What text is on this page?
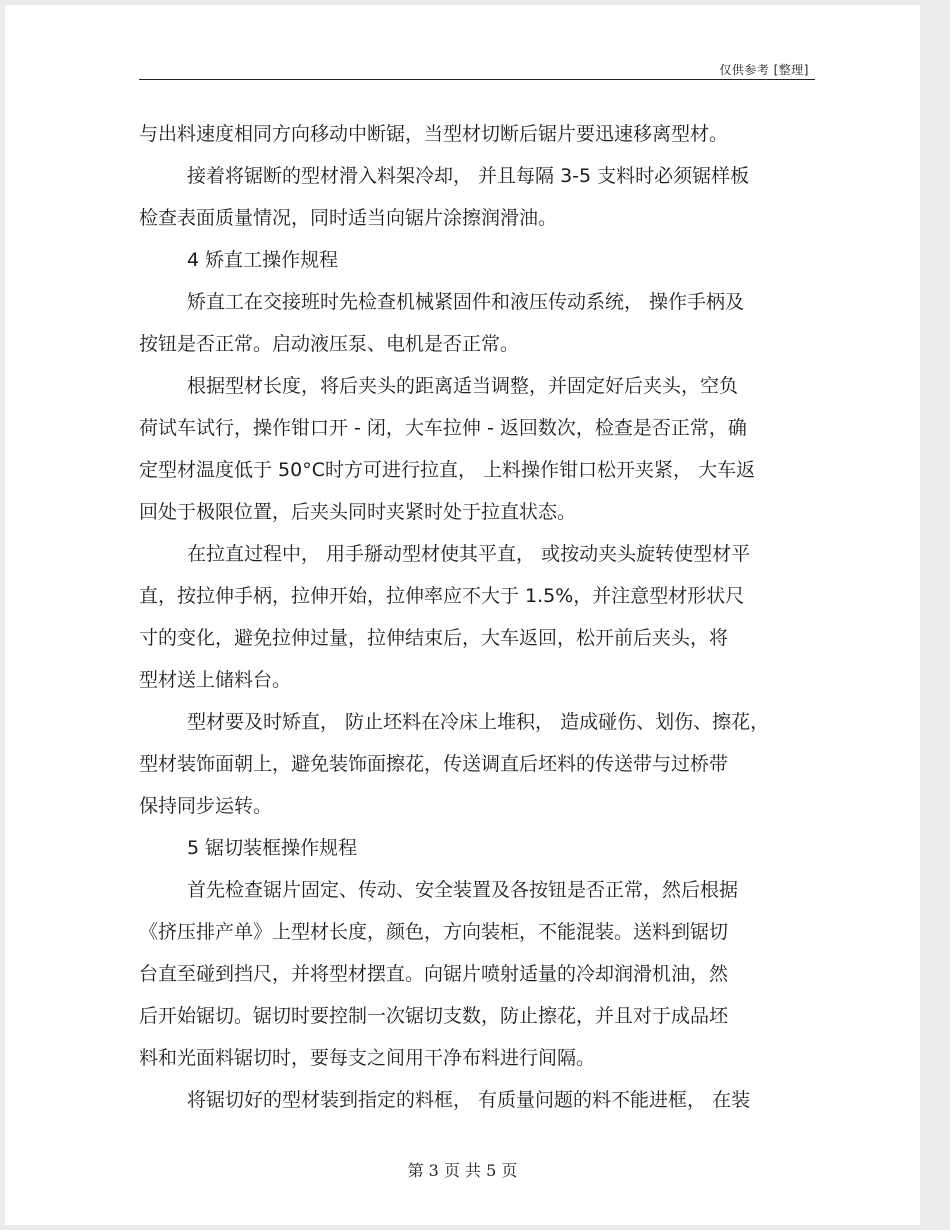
仅供参考 [整理]
与出料速度相同方向移动中断锯，当型材切断后锯片要迅速移离型材。
接着将锯断的型材滑入料架冷却， 并且每隔 3-5 支料时必须锯样板
检查表面质量情况，同时适当向锯片涂擦润滑油。
4 矫直工操作规程
矫直工在交接班时先检查机械紧固件和液压传动系统， 操作手柄及
按钮是否正常。启动液压泵、电机是否正常。
根据型材长度，将后夹头的距离适当调整，并固定好后夹头，空负
荷试车试行，操作钳口开 - 闭，大车拉伸 - 返回数次，检查是否正常，确
定型材温度低于 50°C时方可进行拉直， 上料操作钳口松开夹紧， 大车返
回处于极限位置，后夹头同时夹紧时处于拉直状态。
在拉直过程中， 用手掰动型材使其平直， 或按动夹头旋转使型材平
直，按拉伸手柄，拉伸开始，拉伸率应不大于 1.5%，并注意型材形状尺
寸的变化，避免拉伸过量，拉伸结束后，大车返回，松开前后夹头，将
型材送上储料台。
型材要及时矫直， 防止坯料在冷床上堆积， 造成碰伤、划伤、擦花，
型材装饰面朝上，避免装饰面擦花，传送调直后坯料的传送带与过桥带
保持同步运转。
5 锯切装框操作规程
首先检查锯片固定、传动、安全装置及各按钮是否正常，然后根据
《挤压排产单》上型材长度，颜色，方向装柜，不能混装。送料到锯切
台直至碰到挡尺，并将型材摆直。向锯片喷射适量的冷却润滑机油，然
后开始锯切。锯切时要控制一次锯切支数，防止擦花，并且对于成品坯
料和光面料锯切时，要每支之间用干净布料进行间隔。
将锯切好的型材装到指定的料框， 有质量问题的料不能进框， 在装
第 3 页 共 5 页
